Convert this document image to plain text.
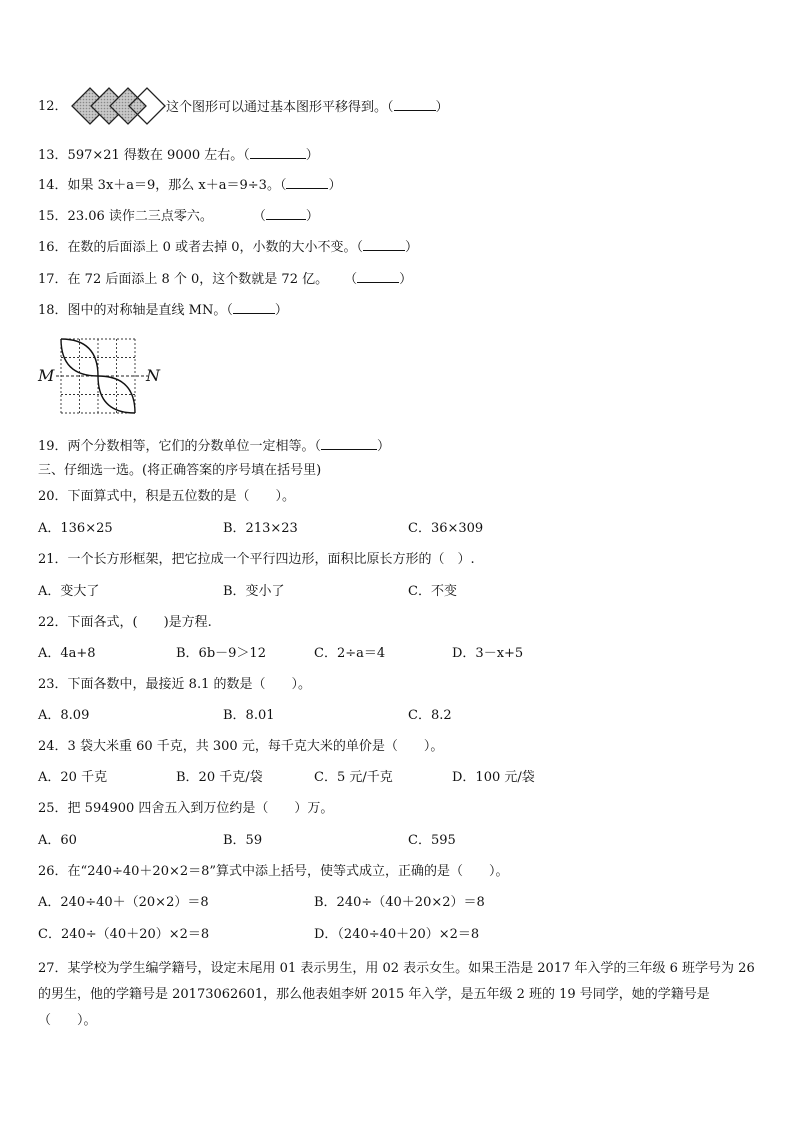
12．	这个图形可以通过基本图形平移得到。（	）
13．597×21 得数在 9000 左右。（	）
14．如果 3x＋a＝9，那么 x＋a＝9÷3。（	）
15．23.06 读作二三点零六。	（	）
16．在数的后面添上 0 或者去掉 0，小数的大小不变。（	）
17．在 72 后面添上 8 个 0，这个数就是 72 亿。 （	）
18．图中的对称轴是直线 MN。（	）
M	N
19．两个分数相等，它们的分数单位一定相等。（	）
三、仔细选一选。(将正确答案的序号填在括号里)
20．下面算式中，积是五位数的是（　　）。
A．136×25	B．213×23	C．36×309
21．一个长方形框架，把它拉成一个平行四边形，面积比原长方形的（　）.
A．变大了	B．变小了	C．不变
22．下面各式，(　　)是方程.
A．4a+8	B．6b－9＞12	C．2÷a＝4	D．3－x+5
23．下面各数中，最接近 8.1 的数是（　　）。
A．8.09	B．8.01	C．8.2
24．3 袋大米重 60 千克，共 300 元，每千克大米的单价是（　　）。
A．20 千克	B．20 千克/袋	C．5 元/千克	D．100 元/袋
25．把 594900 四舍五入到万位约是（　　）万。
A．60	B．59	C．595
26．在“240÷40＋20×2＝8”算式中添上括号，使等式成立，正确的是（　　）。
A．240÷40＋（20×2）＝8	B．240÷（40＋20×2）＝8
C．240÷（40＋20）×2＝8	D．（240÷40＋20）×2＝8
27．某学校为学生编学籍号，设定末尾用 01 表示男生，用 02 表示女生。如果王浩是 2017 年入学的三年级 6 班学号为 26 的男生，他的学籍号是 20173062601，那么他表姐李妍 2015 年入学，是五年级 2 班的 19 号同学，她的学籍号是（　　）。
